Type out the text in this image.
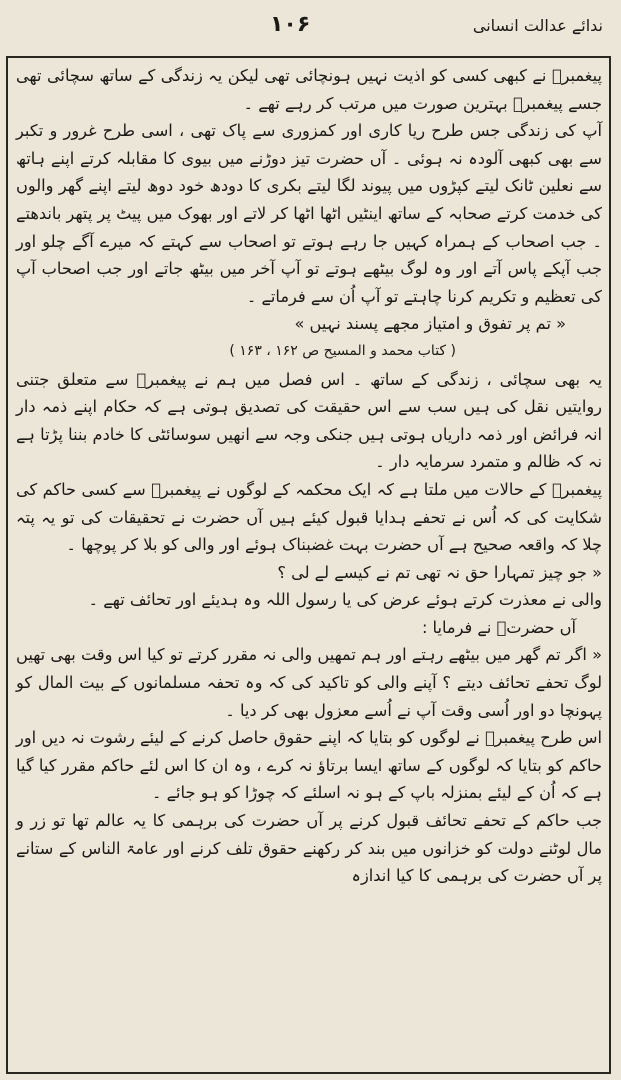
ندائے عدالت انسانی
۱۰۶

پیغمبرؐ نے کبھی کسی کو اذیت نہیں ہونچائی تھی لیکن یہ زندگی کے ساتھ سچائی تھی جسے پیغمبرؐ بہترین صورت میں مرتب کر رہے تھے ۔

آپ کی زندگی جس طرح ریا کاری اور کمزوری سے پاک تھی ، اسی طرح غرور و تکبر سے بھی کبھی آلودہ نہ ہوئی ۔ آں حضرت تیز دوڑنے میں بیوی کا مقابلہ کرتے اپنے ہاتھ سے نعلین ٹانک لیتے کپڑوں میں پیوند لگا لیتے بکری کا دودھ خود دوھ لیتے اپنے گھر والوں کی خدمت کرتے صحابہ کے ساتھ اینٹیں اٹھا اٹھا کر لاتے اور بھوک میں پیٹ پر پتھر باندھتے ۔ جب اصحاب کے ہمراہ کہیں جا رہے ہوتے تو اصحاب سے کہتے کہ میرے آگے چلو اور جب آپکے پاس آتے اور وہ لوگ بیٹھے ہوتے تو آپ آخر میں بیٹھ جاتے اور جب اصحاب آپ کی تعظیم و تکریم کرنا چاہتے تو آپ اُن سے فرماتے ۔

« تم پر تفوق و امتیاز مجھے پسند نہیں »

( کتاب محمد و المسیح ص ۱۶۲ ، ۱۶۳ )

یہ بھی سچائی ، زندگی کے ساتھ ۔ اس فصل میں ہم نے پیغمبرؐ سے متعلق جتنی روایتیں نقل کی ہیں سب سے اس حقیقت کی تصدیق ہوتی ہے کہ حکام اپنے ذمہ دار انہ فرائض اور ذمہ داریاں ہوتی ہیں جنکی وجہ سے انھیں سوسائٹی کا خادم بننا پڑتا ہے نہ کہ ظالم و متمرد سرمایہ دار ۔

پیغمبرؐ کے حالات میں ملتا ہے کہ ایک محکمہ کے لوگوں نے پیغمبرؐ سے کسی حاکم کی شکایت کی کہ اُس نے تحفے ہدایا قبول کیئے ہیں آں حضرت نے تحقیقات کی تو یہ پتہ چلا کہ واقعہ صحیح ہے آں حضرت بہت غضبناک ہوئے اور والی کو بلا کر پوچھا ۔

« جو چیز تمہارا حق نہ تھی تم نے کیسے لے لی ؟

والی نے معذرت کرتے ہوئے عرض کی یا رسول اللہ وہ ہدیئے اور تحائف تھے ۔

آں حضرتؐ نے فرمایا :

« اگر تم گھر میں بیٹھے رہتے اور ہم تمھیں والی نہ مقرر کرتے تو کیا اس وقت بھی تھیں لوگ تحفے تحائف دیتے ؟ آپنے والی کو تاکید کی کہ وہ تحفہ مسلمانوں کے بیت المال کو پہونچا دو اور اُسی وقت آپ نے اُسے معزول بھی کر دیا ۔

اس طرح پیغمبرؐ نے لوگوں کو بتایا کہ اپنے حقوق حاصل کرنے کے لیئے رشوت نہ دیں اور حاکم کو بتایا کہ لوگوں کے ساتھ ایسا برتاؤ نہ کرے ، وہ ان کا اس لئے حاکم مقرر کیا گیا ہے کہ اُن کے لیئے بمنزلہ باپ کے ہو نہ اسلئے کہ چوڑا کو ہو جائے ۔

جب حاکم کے تحفے تحائف قبول کرنے پر آں حضرت کی برہمی کا یہ عالم تھا تو زر و مال لوٹنے دولت کو خزانوں میں بند کر رکھنے حقوق تلف کرنے اور عامۃ الناس کے ستانے پر آں حضرت کی برہمی کا کیا اندازہ
